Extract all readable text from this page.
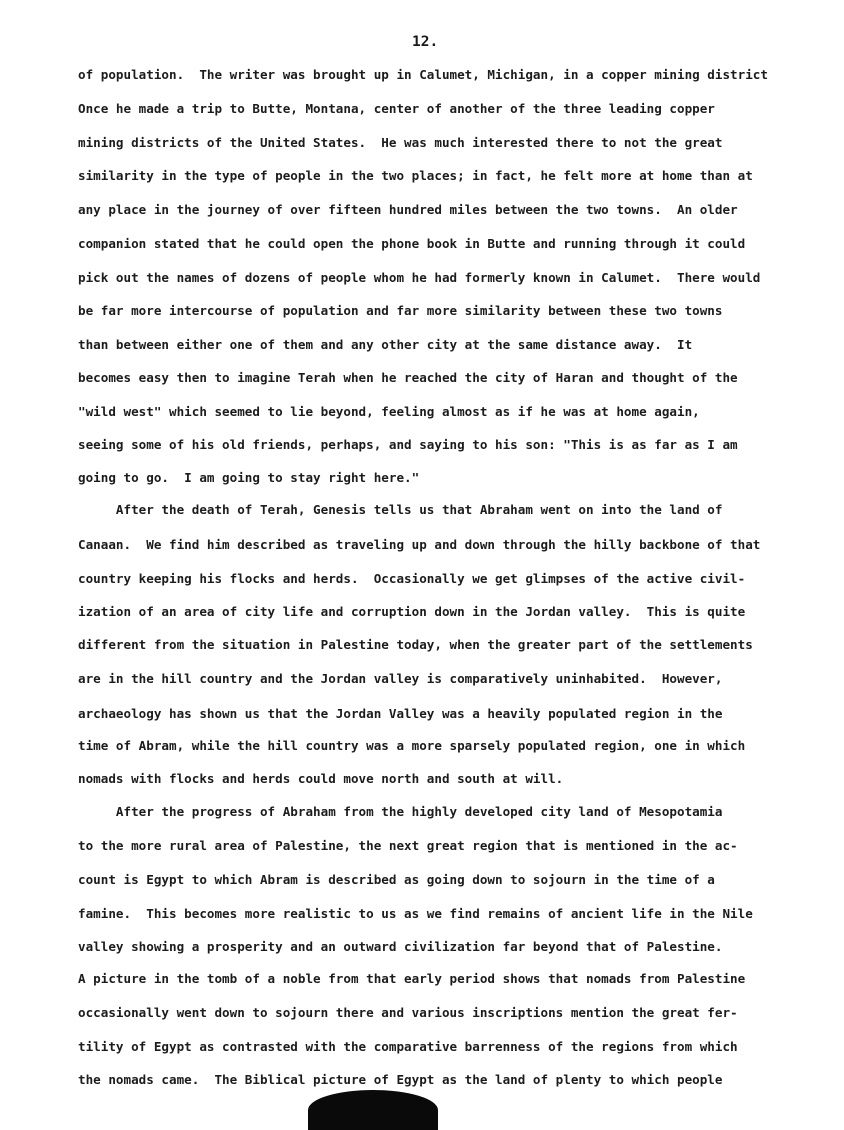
12.
of population.  The writer was brought up in Calumet, Michigan, in a copper mining district
Once he made a trip to Butte, Montana, center of another of the three leading copper
mining districts of the United States.  He was much interested there to not the great
similarity in the type of people in the two places; in fact, he felt more at home than at
any place in the journey of over fifteen hundred miles between the two towns.  An older
companion stated that he could open the phone book in Butte and running through it could
pick out the names of dozens of people whom he had formerly known in Calumet.  There would
be far more intercourse of population and far more similarity between these two towns
than between either one of them and any other city at the same distance away.  It
becomes easy then to imagine Terah when he reached the city of Haran and thought of the
"wild west" which seemed to lie beyond, feeling almost as if he was at home again,
seeing some of his old friends, perhaps, and saying to his son: "This is as far as I am
going to go.  I am going to stay right here."
After the death of Terah, Genesis tells us that Abraham went on into the land of
Canaan.  We find him described as traveling up and down through the hilly backbone of that
country keeping his flocks and herds.  Occasionally we get glimpses of the active civil-
ization of an area of city life and corruption down in the Jordan valley.  This is quite
different from the situation in Palestine today, when the greater part of the settlements
are in the hill country and the Jordan valley is comparatively uninhabited.  However,
archaeology has shown us that the Jordan Valley was a heavily populated region in the
time of Abram, while the hill country was a more sparsely populated region, one in which
nomads with flocks and herds could move north and south at will.
After the progress of Abraham from the highly developed city land of Mesopotamia
to the more rural area of Palestine, the next great region that is mentioned in the ac-
count is Egypt to which Abram is described as going down to sojourn in the time of a
famine.  This becomes more realistic to us as we find remains of ancient life in the Nile
valley showing a prosperity and an outward civilization far beyond that of Palestine.
A picture in the tomb of a noble from that early period shows that nomads from Palestine
occasionally went down to sojourn there and various inscriptions mention the great fer-
tility of Egypt as contrasted with the comparative barrenness of the regions from which
the nomads came.  The Biblical picture of Egypt as the land of plenty to which people
